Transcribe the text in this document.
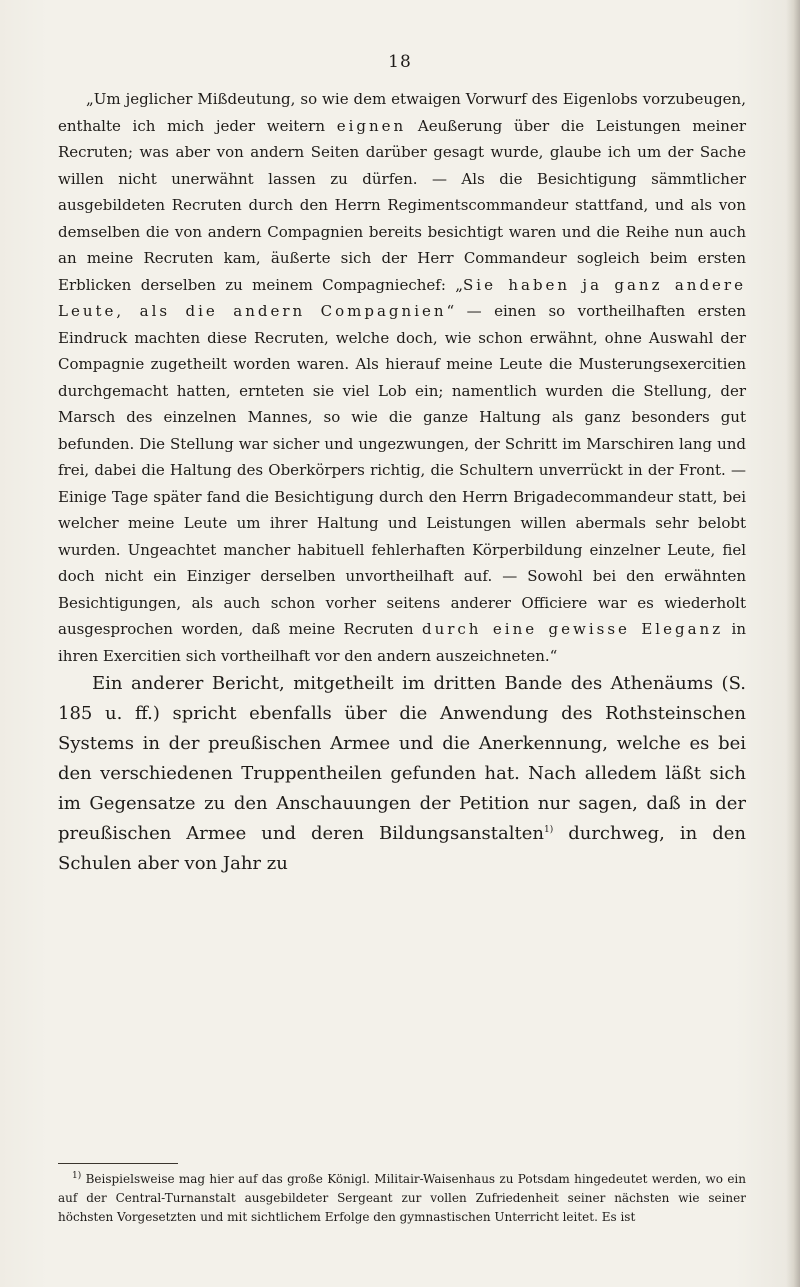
18

„Um jeglicher Mißdeutung, so wie dem etwaigen Vorwurf des Eigenlobs vorzubeugen, enthalte ich mich jeder weitern eignen Aeußerung über die Leistungen meiner Recruten; was aber von andern Seiten darüber gesagt wurde, glaube ich um der Sache willen nicht unerwähnt lassen zu dürfen. — Als die Besichtigung sämmtlicher ausgebildeten Recruten durch den Herrn Regimentscommandeur stattfand, und als von demselben die von andern Compagnien bereits besichtigt waren und die Reihe nun auch an meine Recruten kam, äußerte sich der Herr Commandeur sogleich beim ersten Erblicken derselben zu meinem Compagniechef: „Sie haben ja ganz andere Leute, als die andern Compagnien“ — einen so vortheilhaften ersten Eindruck machten diese Recruten, welche doch, wie schon erwähnt, ohne Auswahl der Compagnie zugetheilt worden waren. Als hierauf meine Leute die Musterungsexercitien durchgemacht hatten, ernteten sie viel Lob ein; namentlich wurden die Stellung, der Marsch des einzelnen Mannes, so wie die ganze Haltung als ganz besonders gut befunden. Die Stellung war sicher und ungezwungen, der Schritt im Marschiren lang und frei, dabei die Haltung des Oberkörpers richtig, die Schultern unverrückt in der Front. — Einige Tage später fand die Besichtigung durch den Herrn Brigadecommandeur statt, bei welcher meine Leute um ihrer Haltung und Leistungen willen abermals sehr belobt wurden. Ungeachtet mancher habituell fehlerhaften Körperbildung einzelner Leute, fiel doch nicht ein Einziger derselben unvortheilhaft auf. — Sowohl bei den erwähnten Besichtigungen, als auch schon vorher seitens anderer Officiere war es wiederholt ausgesprochen worden, daß meine Recruten durch eine gewisse Eleganz in ihren Exercitien sich vortheilhaft vor den andern auszeichneten.“

Ein anderer Bericht, mitgetheilt im dritten Bande des Athenäums (S. 185 u. ff.) spricht ebenfalls über die Anwendung des Rothsteinschen Systems in der preußischen Armee und die Anerkennung, welche es bei den verschiedenen Truppentheilen gefunden hat. Nach alledem läßt sich im Gegensatze zu den Anschauungen der Petition nur sagen, daß in der preußischen Armee und deren Bildungsanstalten$^{1)}$ durchweg, in den Schulen aber von Jahr zu

$^{1)}$ Beispielsweise mag hier auf das große Königl. Militair-Waisenhaus zu Potsdam hingedeutet werden, wo ein auf der Central-Turnanstalt ausgebildeter Sergeant zur vollen Zufriedenheit seiner nächsten wie seiner höchsten Vorgesetzten und mit sichtlichem Erfolge den gymnastischen Unterricht leitet. Es ist
